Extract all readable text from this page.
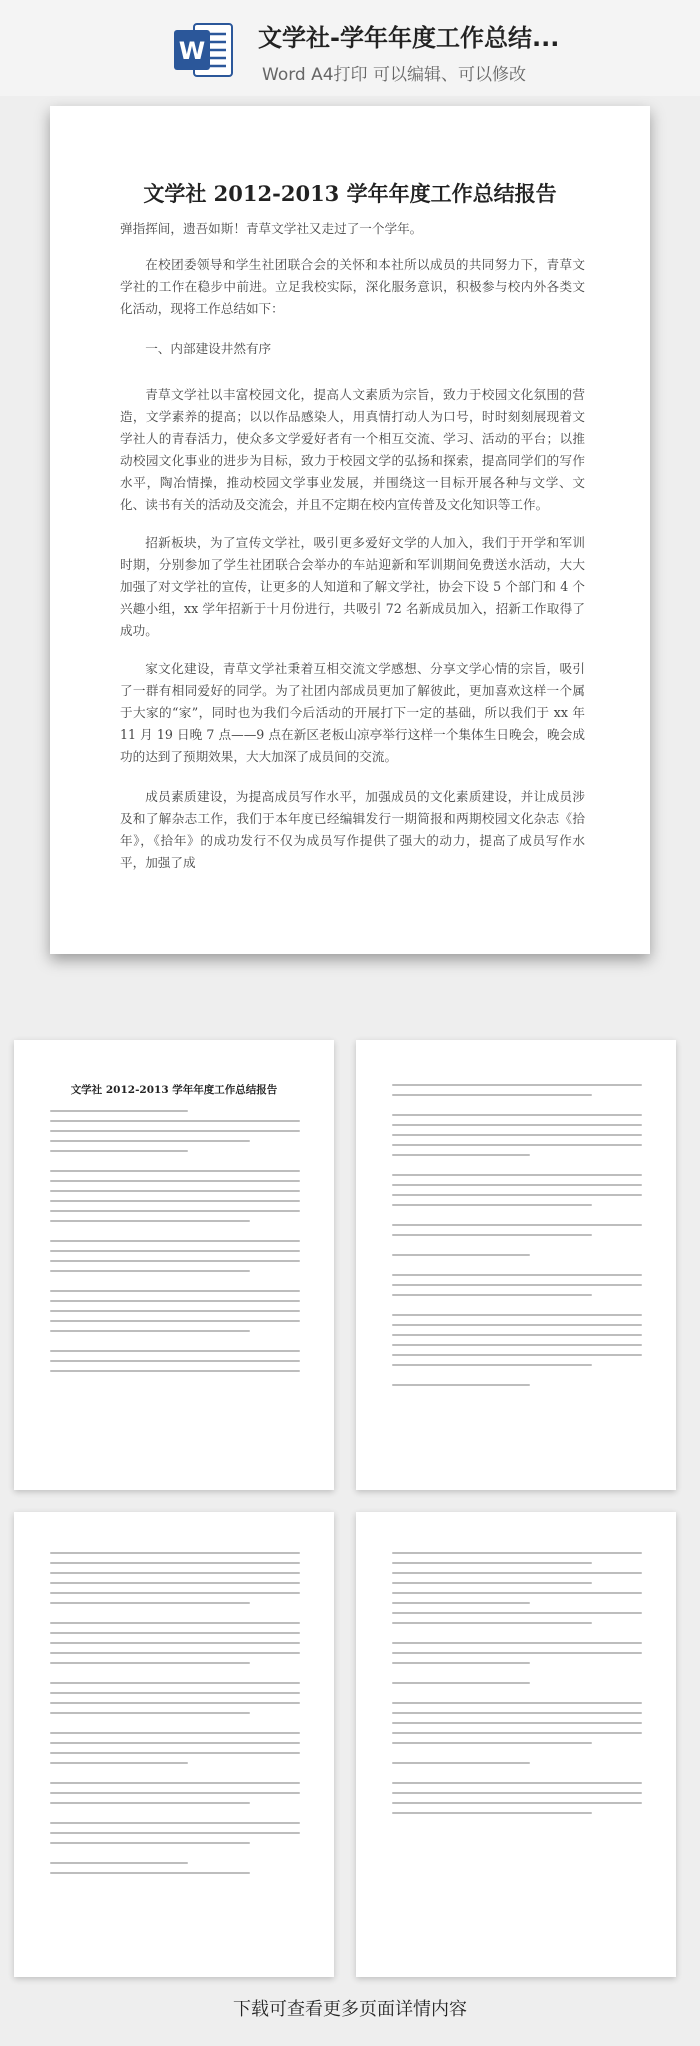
W 文学社-学年年度工作总结...
Word A4打印 可以编辑、可以修改
文学社 2012-2013 学年年度工作总结报告
弹指挥间，遗吾如斯！青草文学社又走过了一个学年。
在校团委领导和学生社团联合会的关怀和本社所以成员的共同努力下，青草文学社的工作在稳步中前进。立足我校实际，深化服务意识，积极参与校内外各类文化活动，现将工作总结如下：
一、内部建设井然有序
青草文学社以丰富校园文化，提高人文素质为宗旨，致力于校园文化氛围的营造，文学素养的提高；以以作品感染人，用真情打动人为口号，时时刻刻展现着文学社人的青春活力，使众多文学爱好者有一个相互交流、学习、活动的平台；以推动校园文化事业的进步为目标，致力于校园文学的弘扬和探索，提高同学们的写作水平，陶冶情操，推动校园文学事业发展，并围绕这一目标开展各种与文学、文化、读书有关的活动及交流会，并且不定期在校内宣传普及文化知识等工作。
招新板块，为了宣传文学社，吸引更多爱好文学的人加入，我们于开学和军训时期，分别参加了学生社团联合会举办的车站迎新和军训期间免费送水活动，大大加强了对文学社的宣传，让更多的人知道和了解文学社，协会下设 5 个部门和 4 个兴趣小组，xx 学年招新于十月份进行，共吸引 72 名新成员加入，招新工作取得了成功。
家文化建设，青草文学社秉着互相交流文学感想、分享文学心情的宗旨，吸引了一群有相同爱好的同学。为了社团内部成员更加了解彼此，更加喜欢这样一个属于大家的“家”，同时也为我们今后活动的开展打下一定的基础，所以我们于 xx 年 11 月 19 日晚 7 点——9 点在新区老板山凉亭举行这样一个集体生日晚会，晚会成功的达到了预期效果，大大加深了成员间的交流。
成员素质建设，为提高成员写作水平，加强成员的文化素质建设，并让成员涉及和了解杂志工作，我们于本年度已经编辑发行一期简报和两期校园文化杂志《拾年》，《拾年》的成功发行不仅为成员写作提供了强大的动力，提高了成员写作水平，加强了成
文学社 2012-2013 学年年度工作总结报告
下载可查看更多页面详情内容
